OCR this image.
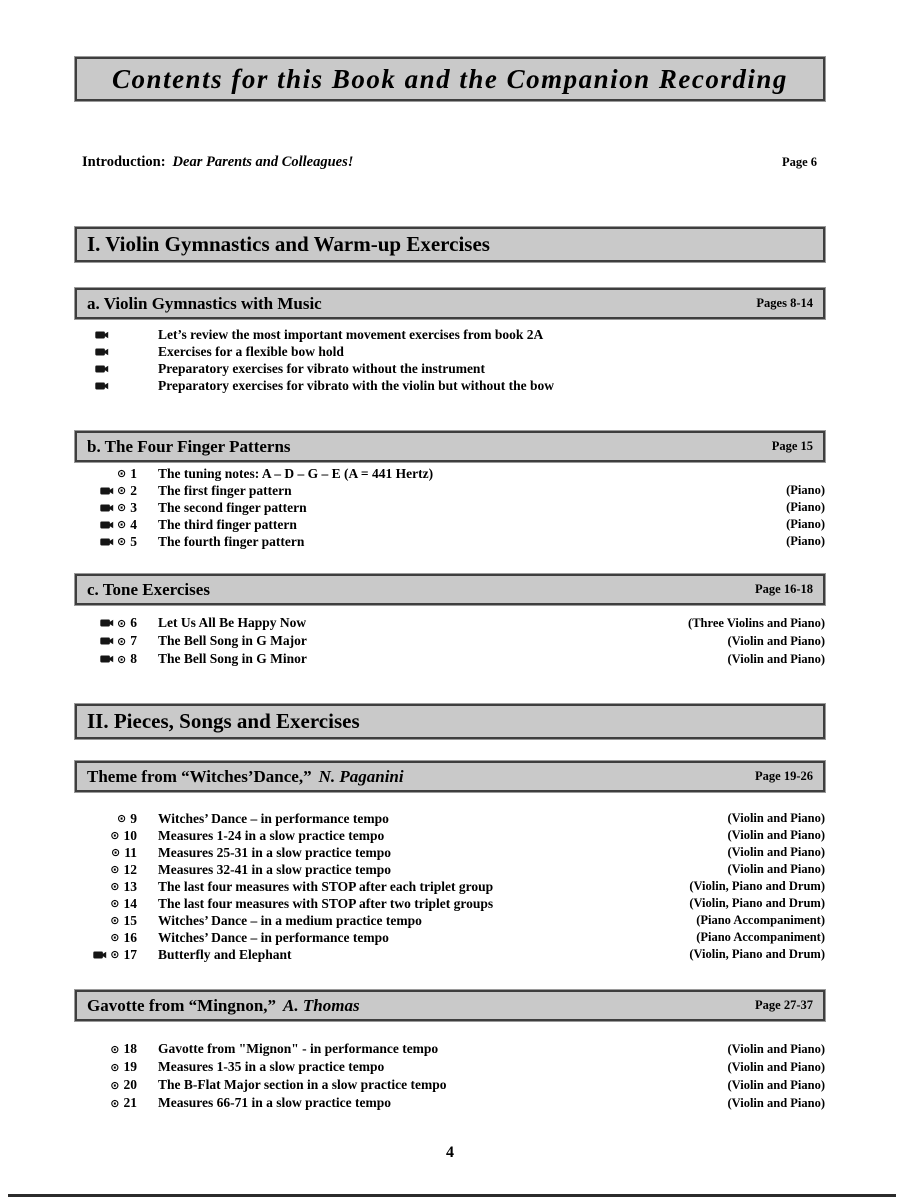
Contents for this Book and the Companion Recording
Introduction: Dear Parents and Colleagues!	Page 6
I. Violin Gymnastics and Warm-up Exercises
a. Violin Gymnastics with Music	Pages 8-14
Let’s review the most important movement exercises from book 2A
Exercises for a flexible bow hold
Preparatory exercises for vibrato without the instrument
Preparatory exercises for vibrato with the violin but without the bow
b. The Four Finger Patterns	Page 15
⊙ 1 The tuning notes: A – D – G – E (A = 441 Hertz)
⊙ 2 The first finger pattern	(Piano)
⊙ 3 The second finger pattern	(Piano)
⊙ 4 The third finger pattern	(Piano)
⊙ 5 The fourth finger pattern	(Piano)
c. Tone Exercises	Page 16-18
⊙ 6 Let Us All Be Happy Now	(Three Violins and Piano)
⊙ 7 The Bell Song in G Major	(Violin and Piano)
⊙ 8 The Bell Song in G Minor	(Violin and Piano)
II. Pieces, Songs and Exercises
Theme from “Witches’Dance,” N. Paganini	Page 19-26
⊙ 9 Witches’ Dance – in performance tempo	(Violin and Piano)
⊙ 10 Measures 1-24 in a slow practice tempo	(Violin and Piano)
⊙ 11 Measures 25-31 in a slow practice tempo	(Violin and Piano)
⊙ 12 Measures 32-41 in a slow practice tempo	(Violin and Piano)
⊙ 13 The last four measures with STOP after each triplet group	(Violin, Piano and Drum)
⊙ 14 The last four measures with STOP after two triplet groups	(Violin, Piano and Drum)
⊙ 15 Witches’ Dance – in a medium practice tempo	(Piano Accompaniment)
⊙ 16 Witches’ Dance – in performance tempo	(Piano Accompaniment)
⊙ 17 Butterfly and Elephant	(Violin, Piano and Drum)
Gavotte from “Mingnon,” A. Thomas	Page 27-37
⊙ 18 Gavotte from "Mignon" - in performance tempo	(Violin and Piano)
⊙ 19 Measures 1-35 in a slow practice tempo	(Violin and Piano)
⊙ 20 The B-Flat Major section in a slow practice tempo	(Violin and Piano)
⊙ 21 Measures 66-71 in a slow practice tempo	(Violin and Piano)
4
